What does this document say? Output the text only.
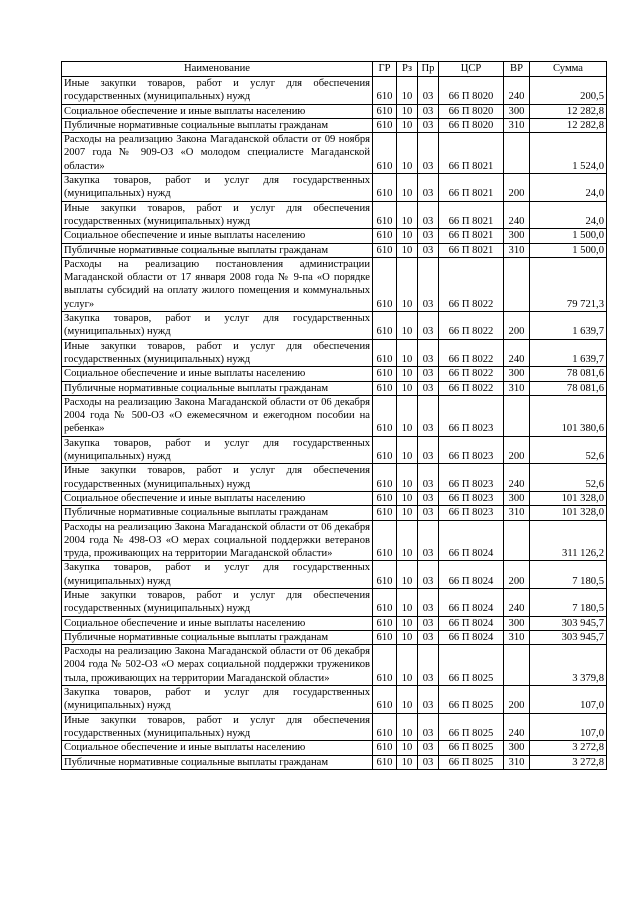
Наименование	ГР	Рз	Пр	ЦСР	ВР	Сумма
Иные закупки товаров, работ и услуг для обеспечения государственных (муниципальных) нужд	610	10	03	66 П 8020	240	200,5
Социальное обеспечение и иные выплаты населению	610	10	03	66 П 8020	300	12 282,8
Публичные нормативные социальные выплаты гражданам	610	10	03	66 П 8020	310	12 282,8
Расходы на реализацию Закона Магаданской области от 09 ноября 2007 года № 909-ОЗ «О молодом специалисте Магаданской области»	610	10	03	66 П 8021		1 524,0
Закупка товаров, работ и услуг для государственных (муниципальных) нужд	610	10	03	66 П 8021	200	24,0
Иные закупки товаров, работ и услуг для обеспечения государственных (муниципальных) нужд	610	10	03	66 П 8021	240	24,0
Социальное обеспечение и иные выплаты населению	610	10	03	66 П 8021	300	1 500,0
Публичные нормативные социальные выплаты гражданам	610	10	03	66 П 8021	310	1 500,0
Расходы на реализацию постановления администрации Магаданской области от 17 января 2008 года № 9-па «О порядке выплаты субсидий на оплату жилого помещения и коммунальных услуг»	610	10	03	66 П 8022		79 721,3
Закупка товаров, работ и услуг для государственных (муниципальных) нужд	610	10	03	66 П 8022	200	1 639,7
Иные закупки товаров, работ и услуг для обеспечения государственных (муниципальных) нужд	610	10	03	66 П 8022	240	1 639,7
Социальное обеспечение и иные выплаты населению	610	10	03	66 П 8022	300	78 081,6
Публичные нормативные социальные выплаты гражданам	610	10	03	66 П 8022	310	78 081,6
Расходы на реализацию Закона Магаданской области от 06 декабря 2004 года № 500-ОЗ «О ежемесячном и ежегодном пособии на ребенка»	610	10	03	66 П 8023		101 380,6
Закупка товаров, работ и услуг для государственных (муниципальных) нужд	610	10	03	66 П 8023	200	52,6
Иные закупки товаров, работ и услуг для обеспечения государственных (муниципальных) нужд	610	10	03	66 П 8023	240	52,6
Социальное обеспечение и иные выплаты населению	610	10	03	66 П 8023	300	101 328,0
Публичные нормативные социальные выплаты гражданам	610	10	03	66 П 8023	310	101 328,0
Расходы на реализацию Закона Магаданской области от 06 декабря 2004 года № 498-ОЗ «О мерах социальной поддержки ветеранов труда, проживающих на территории Магаданской области»	610	10	03	66 П 8024		311 126,2
Закупка товаров, работ и услуг для государственных (муниципальных) нужд	610	10	03	66 П 8024	200	7 180,5
Иные закупки товаров, работ и услуг для обеспечения государственных (муниципальных) нужд	610	10	03	66 П 8024	240	7 180,5
Социальное обеспечение и иные выплаты населению	610	10	03	66 П 8024	300	303 945,7
Публичные нормативные социальные выплаты гражданам	610	10	03	66 П 8024	310	303 945,7
Расходы на реализацию Закона Магаданской области от 06 декабря 2004 года № 502-ОЗ «О мерах социальной поддержки тружеников тыла, проживающих на территории Магаданской области»	610	10	03	66 П 8025		3 379,8
Закупка товаров, работ и услуг для государственных (муниципальных) нужд	610	10	03	66 П 8025	200	107,0
Иные закупки товаров, работ и услуг для обеспечения государственных (муниципальных) нужд	610	10	03	66 П 8025	240	107,0
Социальное обеспечение и иные выплаты населению	610	10	03	66 П 8025	300	3 272,8
Публичные нормативные социальные выплаты гражданам	610	10	03	66 П 8025	310	3 272,8
